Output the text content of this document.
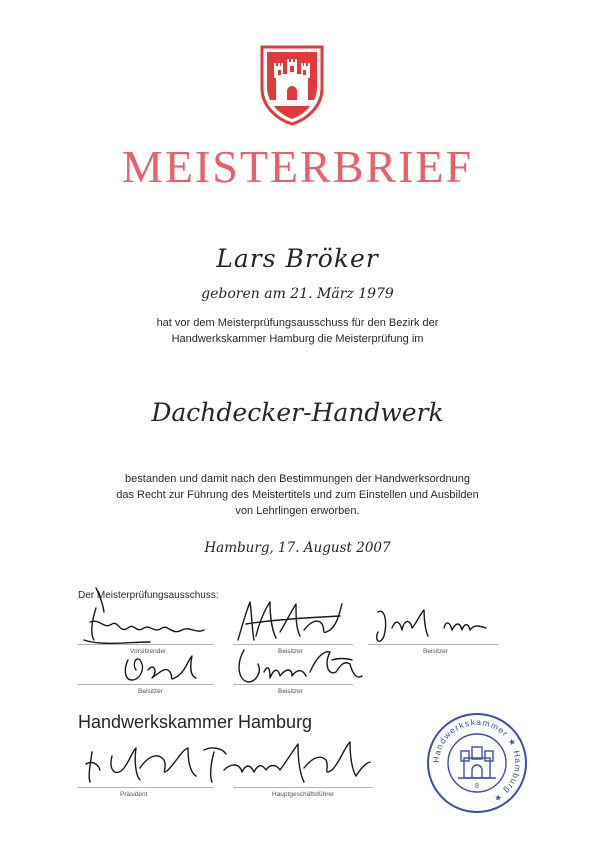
MEISTERBRIEF
Lars Bröker
geboren am 21. März 1979
hat vor dem Meisterprüfungsausschuss für den Bezirk der
Handwerkskammer Hamburg die Meisterprüfung im
Dachdecker-Handwerk
bestanden und damit nach den Bestimmungen der Handwerksordnung
das Recht zur Führung des Meistertitels und zum Einstellen und Ausbilden
von Lehrlingen erworben.
Hamburg, 17. August 2007
Der Meisterprüfungsausschuss:
Vorsitzender	Beisitzer	Beisitzer
Beisitzer	Beisitzer
Präsident	Hauptgeschäftsführer
Handwerkskammer Hamburg
Handwerkskammer ★ Hamburg ★
8
